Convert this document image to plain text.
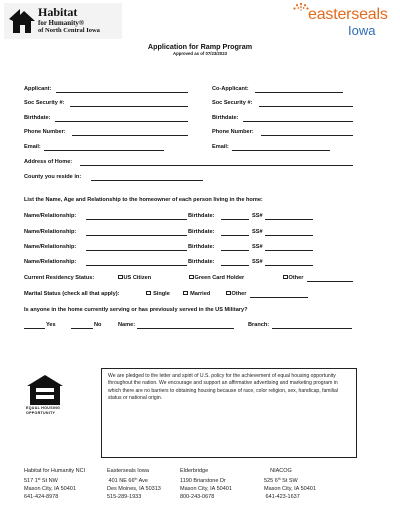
Habitat
for Humanity®
of North Central Iowa
easterseals
Iowa
Application for Ramp Program
Approved as of 07/23/2023
Applicant:	Co-Applicant:
Soc Security #:	Soc Security #:
Birthdate:	Birthdate:
Phone Number:	Phone Number:
Email:	Email:
Address of Home:
County you reside in:
List the Name, Age and Relationship to the homeowner of each person living in the home:
Name/Relationship:	Birthdate:	SS#
Name/Relationship:	Birthdate:	SS#
Name/Relationship:	Birthdate:	SS#
Name/Relationship:	Birthdate:	SS#
Current Residency Status:	US Citizen	Green Card Holder	Other
Marital Status (check all that apply):	Single	Married	Other
Is anyone in the home currently serving or has previously served in the US Military?
Yes	No	Name:	Branch:
EQUAL HOUSING
OPPORTUNITY
We are pledged to the letter and spirit of U.S. policy for the achievement of equal housing opportunity throughout the nation. We encourage and support an affirmative advertising and marketing program in which there are no barriers to obtaining housing because of race, color religion, sex, handicap, familial status or national origin.
Habitat for Humanity NCI
517 1st St NW
Mason City, IA 50401
641-424-8978
Easterseals Iowa
401 NE 66th Ave
Des Moines, IA 50313
515-289-1933
Elderbridge
1190 Briarstone Dr
Mason City, IA 50401
800-243-0678
NIACOG
525 6th St SW
Mason City, IA 50401
641-423-1637
